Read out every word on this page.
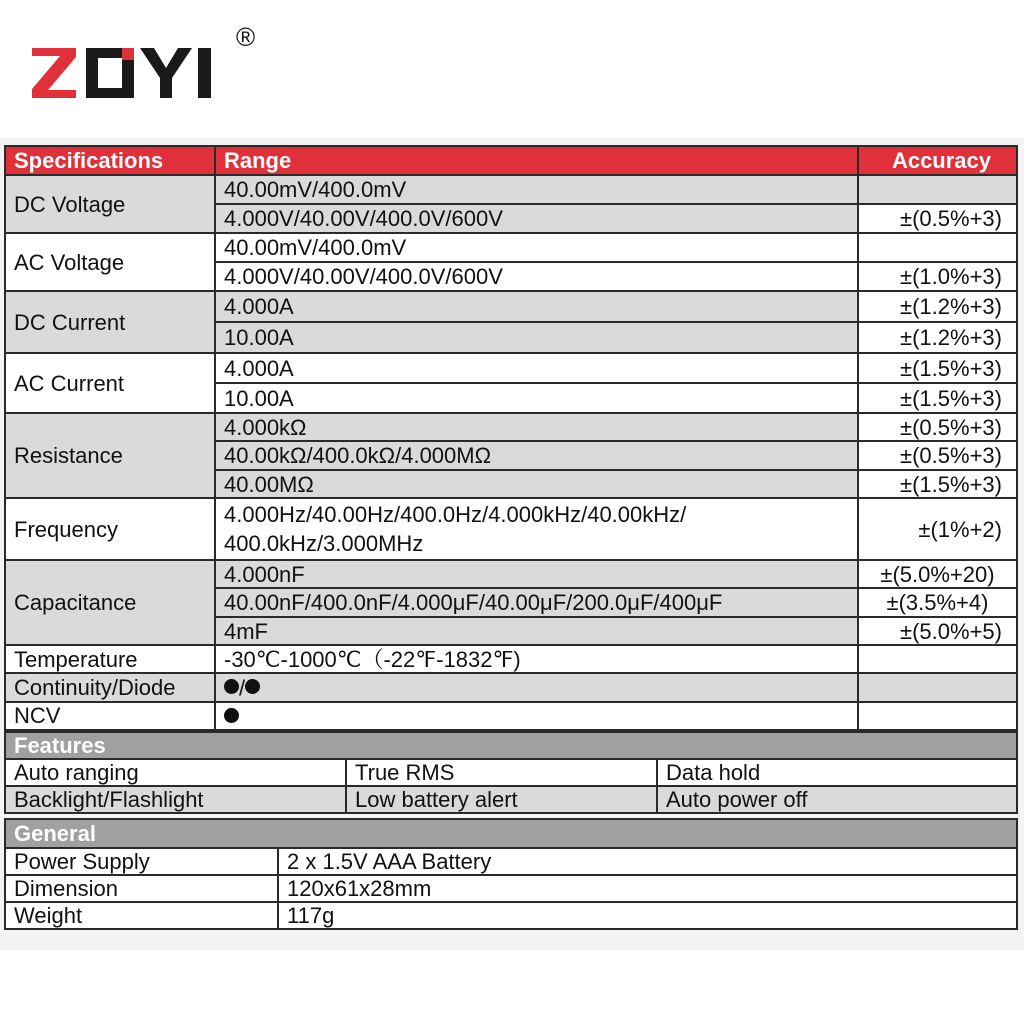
®
Specifications	Range	Accuracy
DC Voltage	40.00mV/400.0mV	
	4.000V/40.00V/400.0V/600V	±(0.5%+3)
AC Voltage	40.00mV/400.0mV	
	4.000V/40.00V/400.0V/600V	±(1.0%+3)
DC Current	4.000A	±(1.2%+3)
	10.00A	±(1.2%+3)
AC Current	4.000A	±(1.5%+3)
	10.00A	±(1.5%+3)
Resistance	4.000kΩ	±(0.5%+3)
	40.00kΩ/400.0kΩ/4.000MΩ	±(0.5%+3)
	40.00MΩ	±(1.5%+3)
Frequency	4.000Hz/40.00Hz/400.0Hz/4.000kHz/40.00kHz/
400.0kHz/3.000MHz	±(1%+2)
Capacitance	4.000nF	±(5.0%+20)
	40.00nF/400.0nF/4.000μF/40.00μF/200.0μF/400μF	±(3.5%+4)
	4mF	±(5.0%+5)
Temperature	-30℃-1000℃（-22℉-1832℉)	
Continuity/Diode	/	
NCV		
Features		
Auto ranging	True RMS	Data hold
Backlight/Flashlight	Low battery alert	Auto power off
General	
Power Supply	2 x 1.5V AAA Battery
Dimension	120x61x28mm
Weight	117g
